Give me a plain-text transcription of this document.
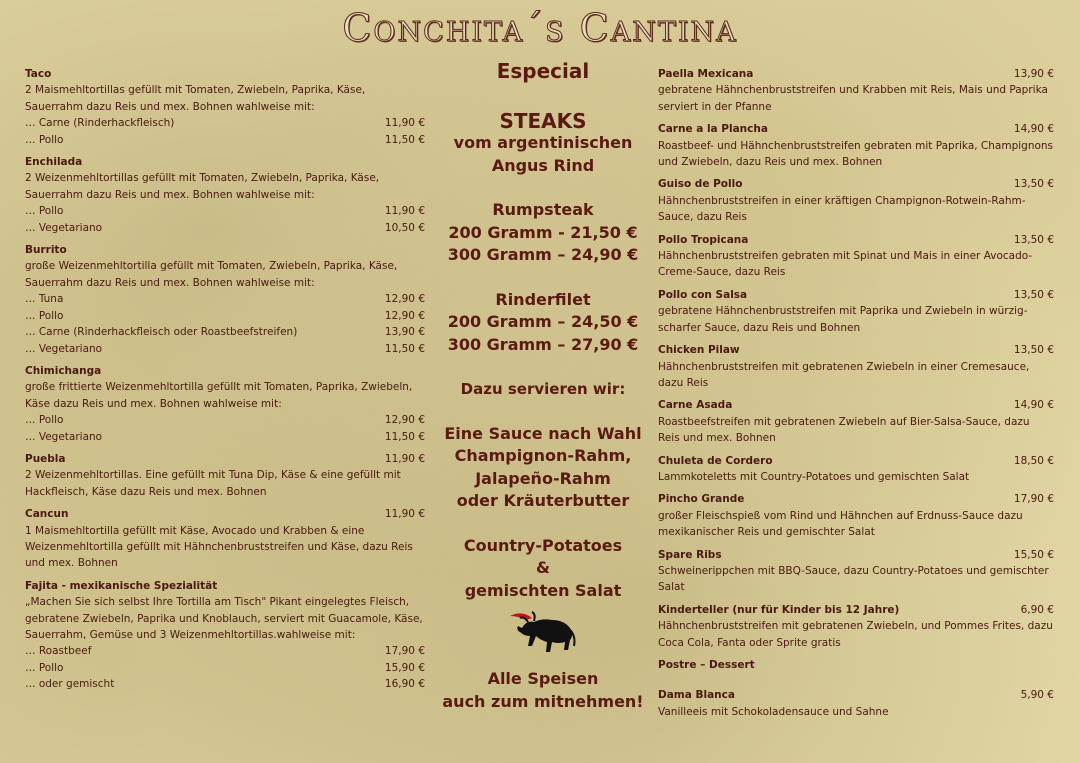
Conchita´s Cantina
Taco
2 Maismehltortillas gefüllt mit Tomaten, Zwiebeln, Paprika, Käse, Sauerrahm dazu Reis und mex. Bohnen wahlweise mit:
… Carne (Rinderhackfleisch)	11,90 €
… Pollo	11,50 €
Enchilada
2 Weizenmehltortillas gefüllt mit Tomaten, Zwiebeln, Paprika, Käse, Sauerrahm dazu Reis und mex. Bohnen wahlweise mit:
… Pollo	11,90 €
… Vegetariano	10,50 €
Burrito
große Weizenmehltortilla gefüllt mit Tomaten, Zwiebeln, Paprika, Käse, Sauerrahm dazu Reis und mex. Bohnen wahlweise mit:
… Tuna	12,90 €
… Pollo	12,90 €
… Carne (Rinderhackfleisch oder Roastbeefstreifen)	13,90 €
… Vegetariano	11,50 €
Chimichanga
große frittierte Weizenmehltortilla gefüllt mit Tomaten, Paprika, Zwiebeln, Käse dazu Reis und mex. Bohnen wahlweise mit:
… Pollo	12,90 €
… Vegetariano	11,50 €
Puebla	11,90 €
2 Weizenmehltortillas. Eine gefüllt mit Tuna Dip, Käse & eine gefüllt mit Hackfleisch, Käse dazu Reis und mex. Bohnen
Cancun	11,90 €
1 Maismehltortilla gefüllt mit Käse, Avocado und Krabben & eine Weizenmehltortilla gefüllt mit Hähnchenbruststreifen und Käse, dazu Reis und mex. Bohnen
Fajita - mexikanische Spezialität
„Machen Sie sich selbst Ihre Tortilla am Tisch" Pikant eingelegtes Fleisch, gebratene Zwiebeln, Paprika und Knoblauch, serviert mit Guacamole, Käse, Sauerrahm, Gemüse und 3 Weizenmehltortillas.wahlweise mit:
… Roastbeef	17,90 €
… Pollo	15,90 €
… oder gemischt	16,90 €
Especial
STEAKS
vom argentinischen
Angus Rind
Rumpsteak
200 Gramm - 21,50 €
300 Gramm – 24,90 €
Rinderfilet
200 Gramm – 24,50 €
300 Gramm – 27,90 €
Dazu servieren wir:
Eine Sauce nach Wahl
Champignon-Rahm,
Jalapeño-Rahm
oder Kräuterbutter
Country-Potatoes
&
gemischten Salat
Alle Speisen
auch zum mitnehmen!
Paella Mexicana	13,90 €
gebratene Hähnchenbruststreifen und Krabben mit Reis, Mais und Paprika serviert in der Pfanne
Carne a la Plancha	14,90 €
Roastbeef- und Hähnchenbruststreifen gebraten mit Paprika, Champignons und Zwiebeln, dazu Reis und mex. Bohnen
Guiso de Pollo	13,50 €
Hähnchenbruststreifen in einer kräftigen Champignon-Rotwein-Rahm-Sauce, dazu Reis
Pollo Tropicana	13,50 €
Hähnchenbruststreifen gebraten mit Spinat und Mais in einer Avocado-Creme-Sauce, dazu Reis
Pollo con Salsa	13,50 €
gebratene Hähnchenbruststreifen mit Paprika und Zwiebeln in würzig-scharfer Sauce, dazu Reis und Bohnen
Chicken Pilaw	13,50 €
Hähnchenbruststreifen mit gebratenen Zwiebeln in einer Cremesauce, dazu Reis
Carne Asada	14,90 €
Roastbeefstreifen mit gebratenen Zwiebeln auf Bier-Salsa-Sauce, dazu Reis und mex. Bohnen
Chuleta de Cordero	18,50 €
Lammkoteletts mit Country-Potatoes und gemischten Salat
Pincho Grande	17,90 €
großer Fleischspieß vom Rind und Hähnchen auf Erdnuss-Sauce dazu mexikanischer Reis und gemischter Salat
Spare Ribs	15,50 €
Schweinerippchen mit BBQ-Sauce, dazu Country-Potatoes und gemischter Salat
Kinderteller (nur für Kinder bis 12 Jahre)	6,90 €
Hähnchenbruststreifen mit gebratenen Zwiebeln, und Pommes Frites, dazu Coca Cola, Fanta oder Sprite gratis
Postre – Dessert
Dama Blanca	5,90 €
Vanilleeis mit Schokoladensauce und Sahne
